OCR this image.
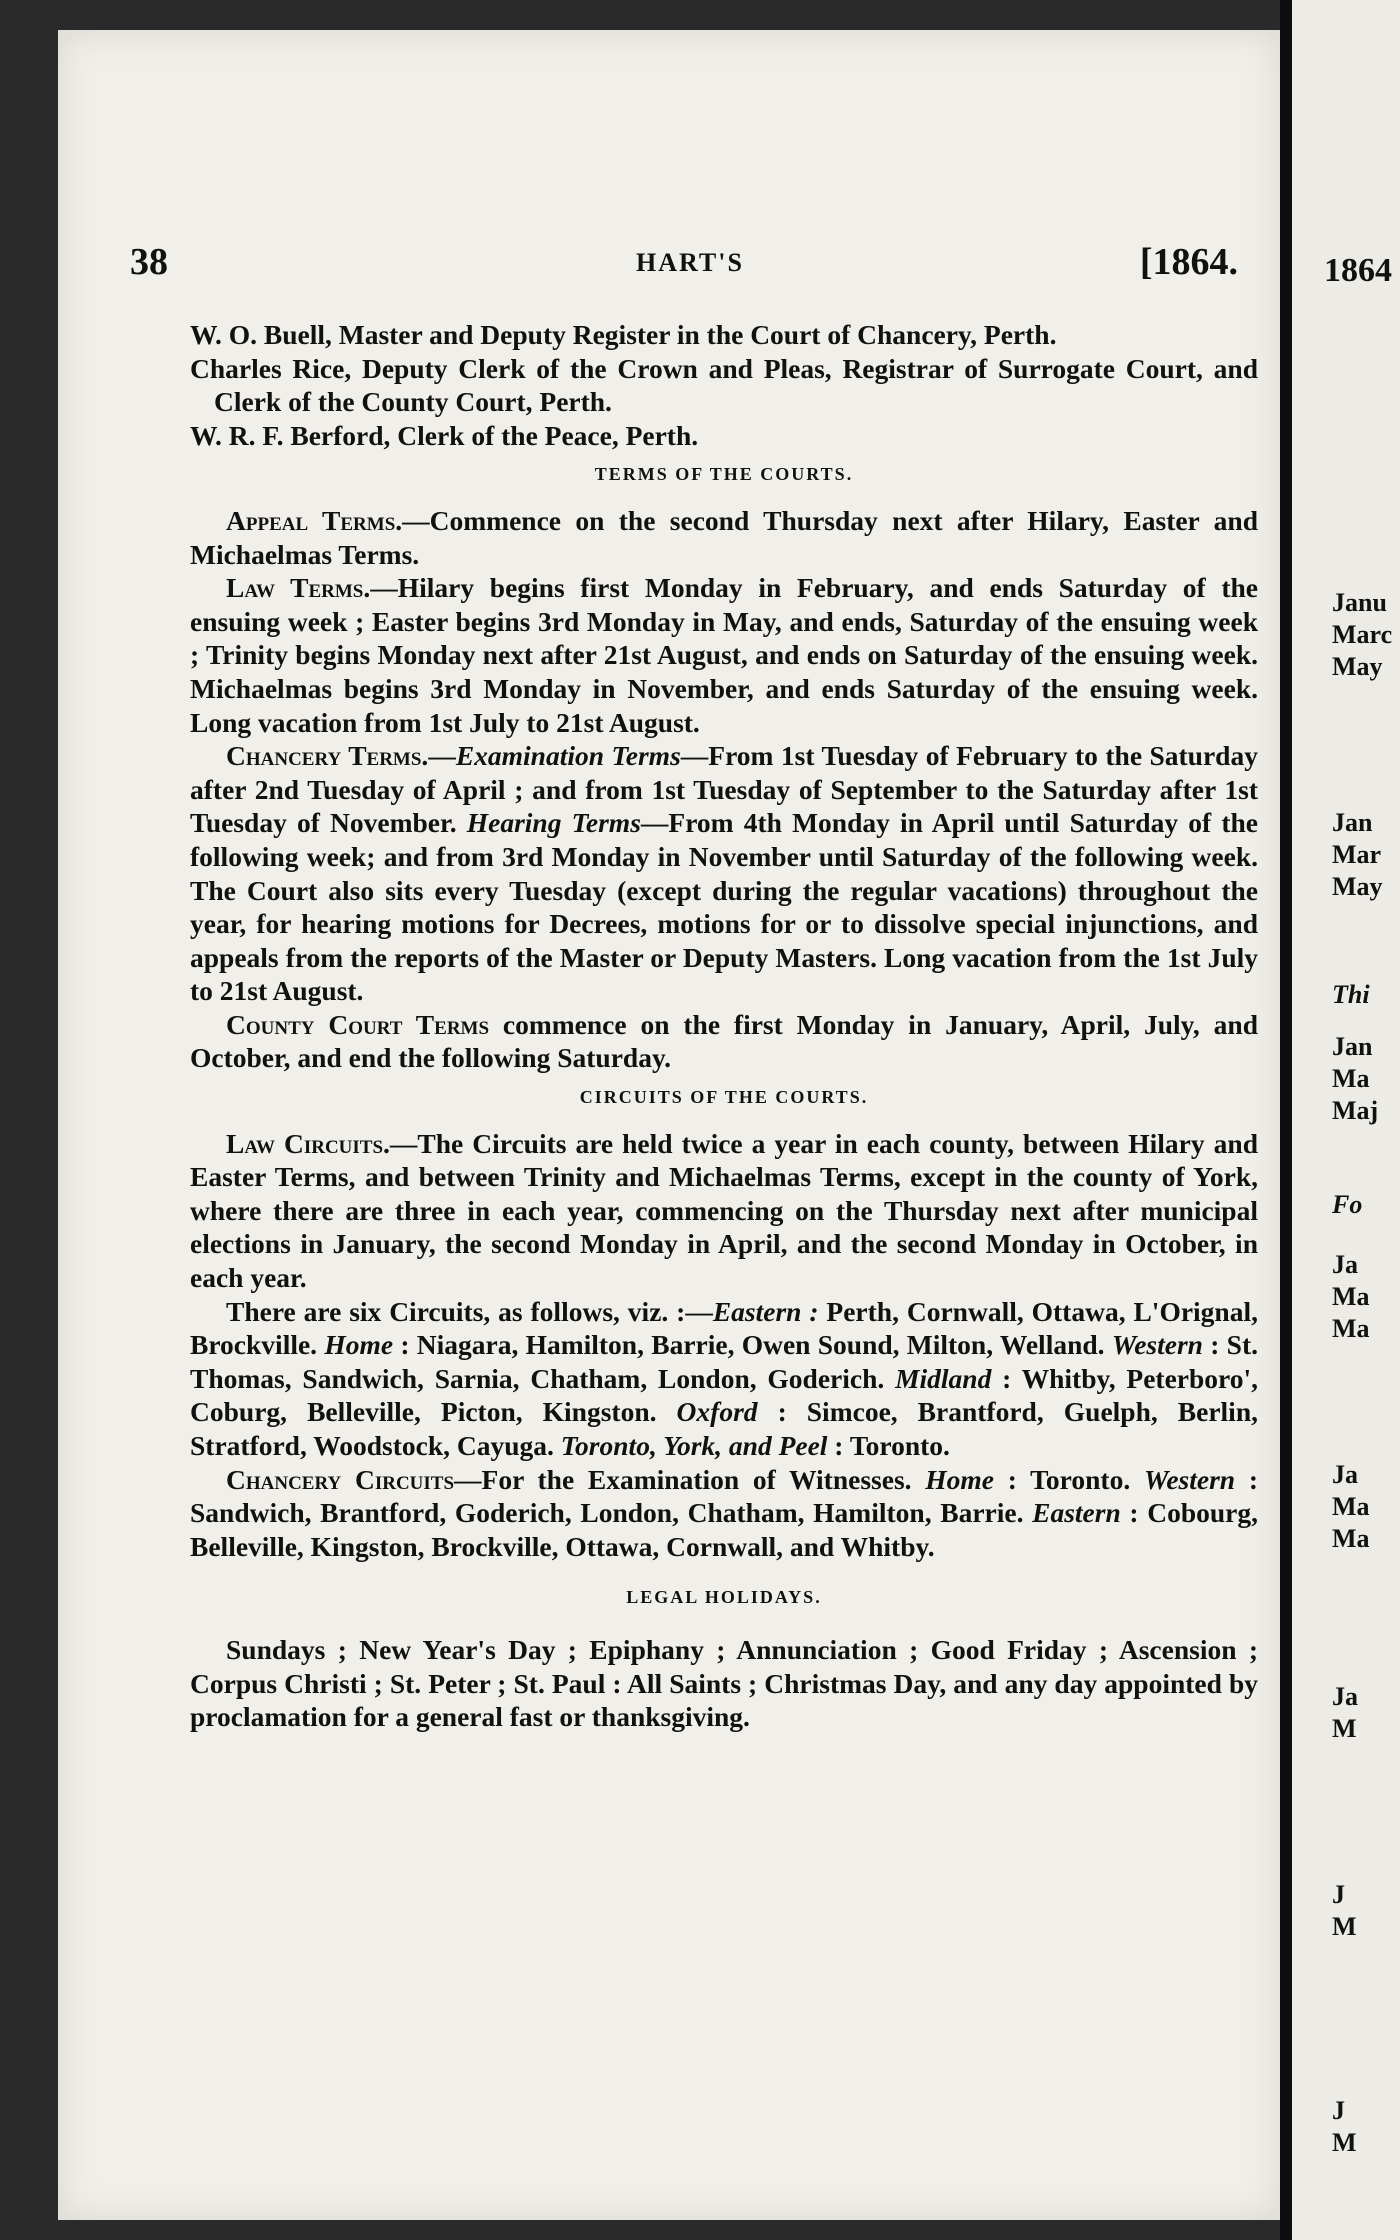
1864
Janu
Marc
May
Jan
Mar
May
Thi
Jan
Ma
Maj
Fo
Ja
Ma
Ma
Ja
Ma
Ma
Ja
M
J
M
J
M
38	HART'S	[1864.

W. O. Buell, Master and Deputy Register in the Court of Chancery, Perth.

Charles Rice, Deputy Clerk of the Crown and Pleas, Registrar of Surrogate Court, and Clerk of the County Court, Perth.

W. R. F. Berford, Clerk of the Peace, Perth.

TERMS OF THE COURTS.

Appeal Terms.—Commence on the second Thursday next after Hilary, Easter and Michaelmas Terms.

Law Terms.—Hilary begins first Monday in February, and ends Saturday of the ensuing week ; Easter begins 3rd Monday in May, and ends, Saturday of the ensuing week ; Trinity begins Monday next after 21st August, and ends on Saturday of the ensuing week. Michaelmas begins 3rd Monday in November, and ends Saturday of the ensuing week. Long vacation from 1st July to 21st August.

Chancery Terms.—Examination Terms—From 1st Tuesday of February to the Saturday after 2nd Tuesday of April ; and from 1st Tuesday of September to the Saturday after 1st Tuesday of November. Hearing Terms—From 4th Monday in April until Saturday of the following week; and from 3rd Monday in November until Saturday of the following week. The Court also sits every Tuesday (except during the regular vacations) throughout the year, for hearing motions for Decrees, motions for or to dissolve special injunctions, and appeals from the reports of the Master or Deputy Masters. Long vacation from the 1st July to 21st August.

County Court Terms commence on the first Monday in January, April, July, and October, and end the following Saturday.

CIRCUITS OF THE COURTS.

Law Circuits.—The Circuits are held twice a year in each county, between Hilary and Easter Terms, and between Trinity and Michaelmas Terms, except in the county of York, where there are three in each year, commencing on the Thursday next after municipal elections in January, the second Monday in April, and the second Monday in October, in each year.

There are six Circuits, as follows, viz. :—Eastern : Perth, Cornwall, Ottawa, L'Orignal, Brockville. Home : Niagara, Hamilton, Barrie, Owen Sound, Milton, Welland. Western : St. Thomas, Sandwich, Sarnia, Chatham, London, Goderich. Midland : Whitby, Peterboro', Coburg, Belleville, Picton, Kingston. Oxford : Simcoe, Brantford, Guelph, Berlin, Stratford, Woodstock, Cayuga. Toronto, York, and Peel : Toronto.

Chancery Circuits—For the Examination of Witnesses. Home : Toronto. Western : Sandwich, Brantford, Goderich, London, Chatham, Hamilton, Barrie. Eastern : Cobourg, Belleville, Kingston, Brockville, Ottawa, Cornwall, and Whitby.

LEGAL HOLIDAYS.

Sundays ; New Year's Day ; Epiphany ; Annunciation ; Good Friday ; Ascension ; Corpus Christi ; St. Peter ; St. Paul : All Saints ; Christmas Day, and any day appointed by proclamation for a general fast or thanksgiving.
